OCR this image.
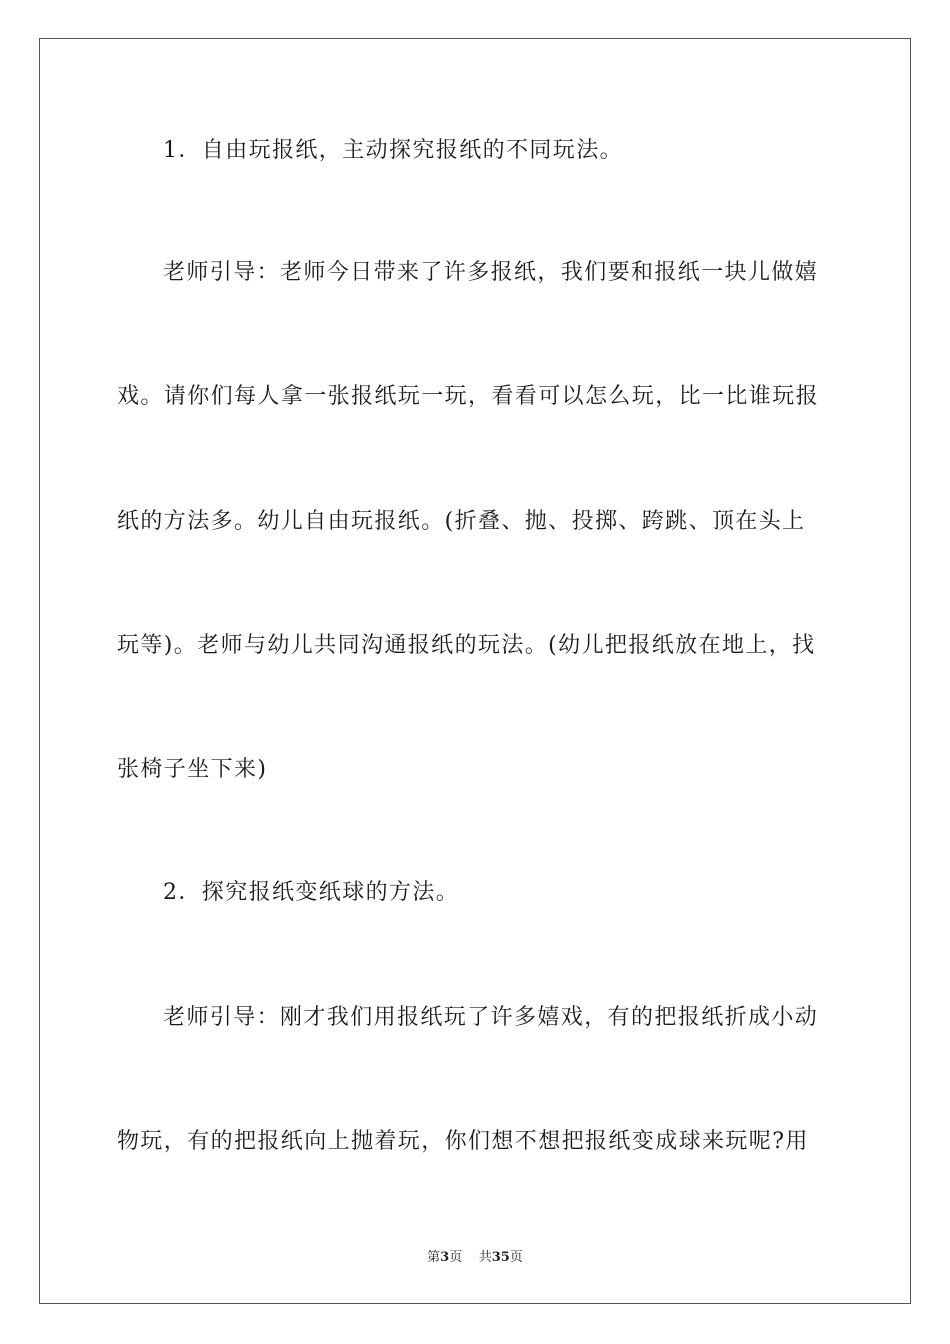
1．自由玩报纸，主动探究报纸的不同玩法。
老师引导：老师今日带来了许多报纸，我们要和报纸一块儿做嬉
戏。请你们每人拿一张报纸玩一玩，看看可以怎么玩，比一比谁玩报
纸的方法多。幼儿自由玩报纸。(折叠、抛、投掷、跨跳、顶在头上
玩等)。老师与幼儿共同沟通报纸的玩法。(幼儿把报纸放在地上，找
张椅子坐下来)
2．探究报纸变纸球的方法。
老师引导：刚才我们用报纸玩了许多嬉戏，有的把报纸折成小动
物玩，有的把报纸向上抛着玩，你们想不想把报纸变成球来玩呢?用
第3页 共35页
